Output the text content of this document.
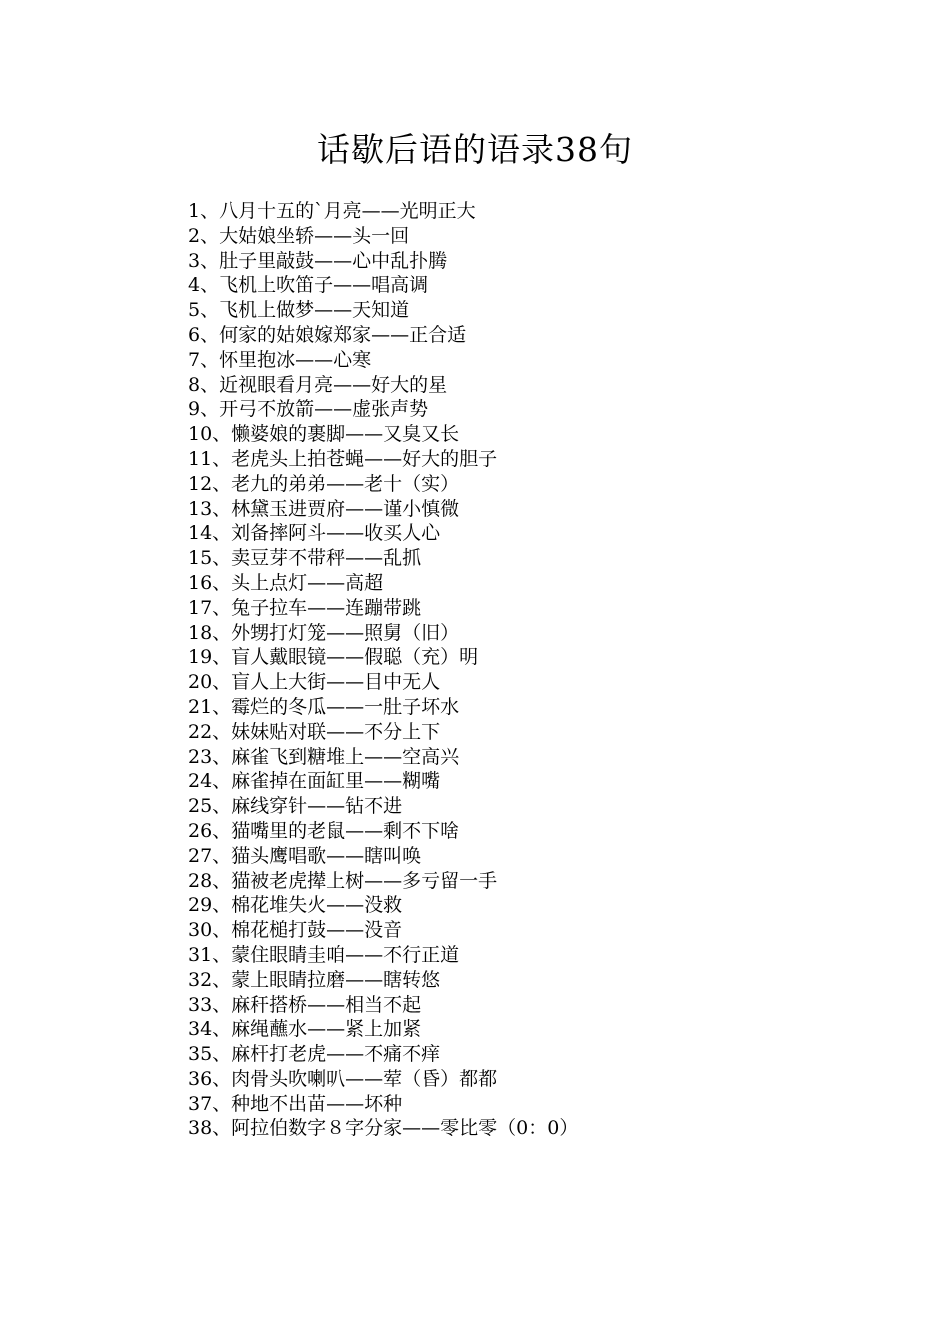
话歇后语的语录38句
1、八月十五的`月亮——光明正大
2、大姑娘坐轿——头一回
3、肚子里敲鼓——心中乱扑腾
4、飞机上吹笛子——唱高调
5、飞机上做梦——天知道
6、何家的姑娘嫁郑家——正合适
7、怀里抱冰——心寒
8、近视眼看月亮——好大的星
9、开弓不放箭——虚张声势
10、懒婆娘的裹脚——又臭又长
11、老虎头上拍苍蝇——好大的胆子
12、老九的弟弟——老十（实）
13、林黛玉进贾府——谨小慎微
14、刘备摔阿斗——收买人心
15、卖豆芽不带秤——乱抓
16、头上点灯——高超
17、兔子拉车——连蹦带跳
18、外甥打灯笼——照舅（旧）
19、盲人戴眼镜——假聪（充）明
20、盲人上大街——目中无人
21、霉烂的冬瓜——一肚子坏水
22、妹妹贴对联——不分上下
23、麻雀飞到糖堆上——空高兴
24、麻雀掉在面缸里——糊嘴
25、麻线穿针——钻不进
26、猫嘴里的老鼠——剩不下啥
27、猫头鹰唱歌——瞎叫唤
28、猫被老虎撵上树——多亏留一手
29、棉花堆失火——没救
30、棉花槌打鼓——没音
31、蒙住眼睛圭咱——不行正道
32、蒙上眼睛拉磨——瞎转悠
33、麻秆搭桥——相当不起
34、麻绳蘸水——紧上加紧
35、麻杆打老虎——不痛不痒
36、肉骨头吹喇叭——荤（昏）都都
37、种地不出苗——坏种
38、阿拉伯数字８字分家——零比零（0：0）
